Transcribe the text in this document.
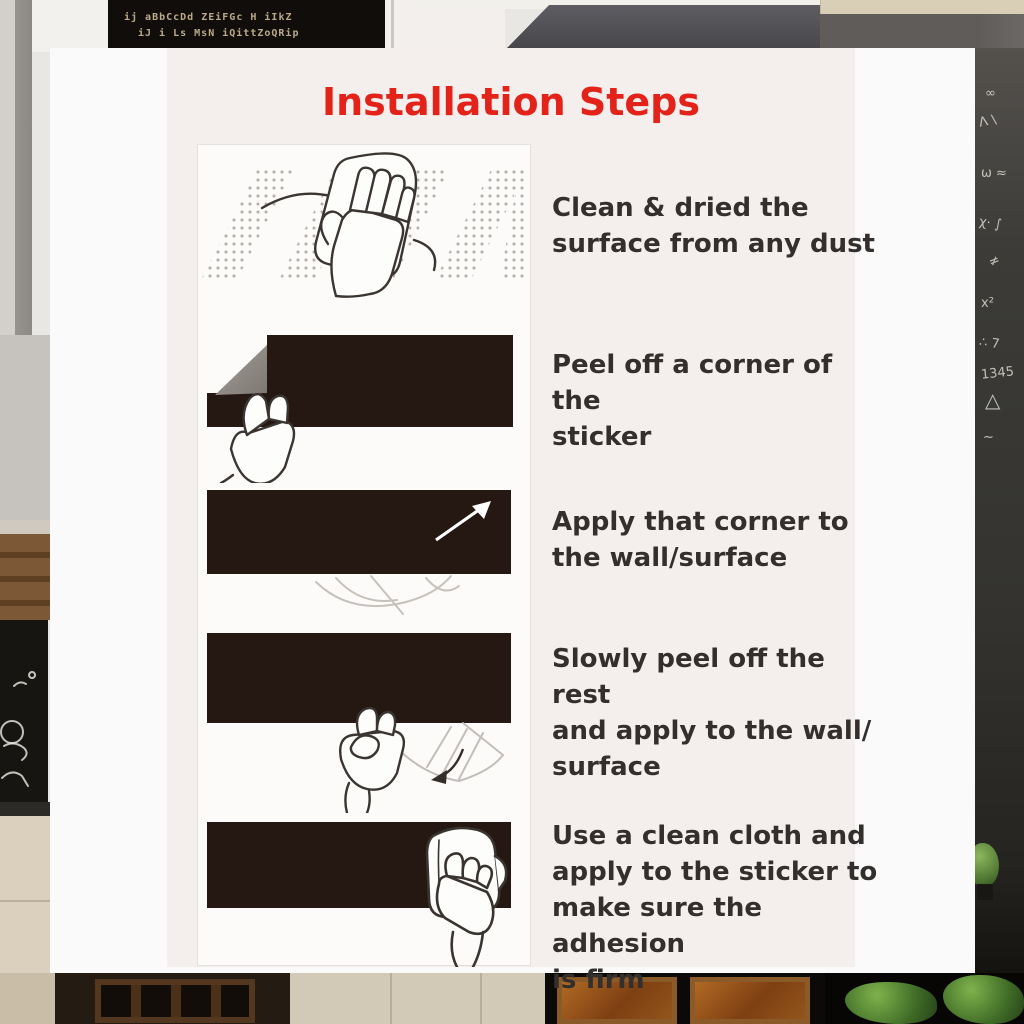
ij aBbCcDd ZEiFGc H iIkZ
iJ i Ls MsN iQittZoQRip
∞
Λ \
ω ≈
χ· ∫
≠
x²
∴ 7
1345
△
~
Installation Steps
Clean & dried the
surface from any dust
Peel off a corner of the
sticker
Apply that corner to
the wall/surface
Slowly peel off the rest
and apply to the wall/
surface
Use a clean cloth and
apply to the sticker to
make sure the adhesion
is firm
